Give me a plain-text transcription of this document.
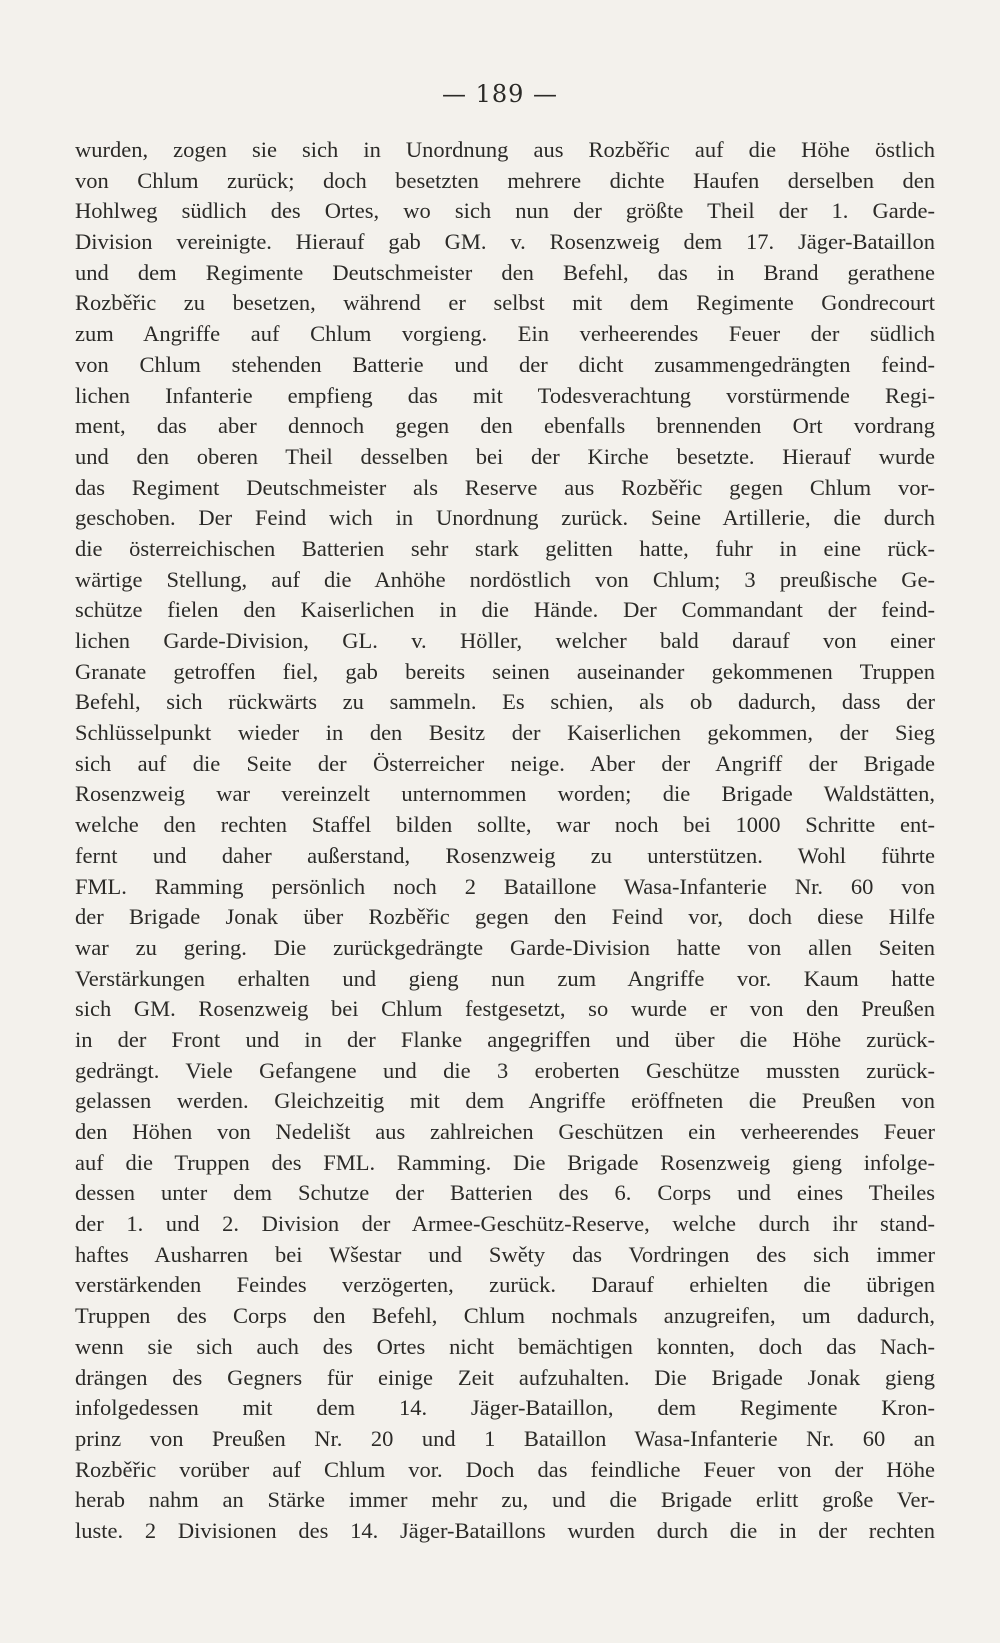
— 189 —
wurden, zogen sie sich in Unordnung aus Rozběřic auf die Höhe östlich
von Chlum zurück; doch besetzten mehrere dichte Haufen derselben den
Hohlweg südlich des Ortes, wo sich nun der größte Theil der 1. Garde-
Division vereinigte. Hierauf gab GM. v. Rosenzweig dem 17. Jäger-Bataillon
und dem Regimente Deutschmeister den Befehl, das in Brand gerathene
Rozběřic zu besetzen, während er selbst mit dem Regimente Gondrecourt
zum Angriffe auf Chlum vorgieng. Ein verheerendes Feuer der südlich
von Chlum stehenden Batterie und der dicht zusammengedrängten feind-
lichen Infanterie empfieng das mit Todesverachtung vorstürmende Regi-
ment, das aber dennoch gegen den ebenfalls brennenden Ort vordrang
und den oberen Theil desselben bei der Kirche besetzte. Hierauf wurde
das Regiment Deutschmeister als Reserve aus Rozběřic gegen Chlum vor-
geschoben. Der Feind wich in Unordnung zurück. Seine Artillerie, die durch
die österreichischen Batterien sehr stark gelitten hatte, fuhr in eine rück-
wärtige Stellung, auf die Anhöhe nordöstlich von Chlum; 3 preußische Ge-
schütze fielen den Kaiserlichen in die Hände. Der Commandant der feind-
lichen Garde-Division, GL. v. Höller, welcher bald darauf von einer
Granate getroffen fiel, gab bereits seinen auseinander gekommenen Truppen
Befehl, sich rückwärts zu sammeln. Es schien, als ob dadurch, dass der
Schlüsselpunkt wieder in den Besitz der Kaiserlichen gekommen, der Sieg
sich auf die Seite der Österreicher neige. Aber der Angriff der Brigade
Rosenzweig war vereinzelt unternommen worden; die Brigade Waldstätten,
welche den rechten Staffel bilden sollte, war noch bei 1000 Schritte ent-
fernt und daher außerstand, Rosenzweig zu unterstützen. Wohl führte
FML. Ramming persönlich noch 2 Bataillone Wasa-Infanterie Nr. 60 von
der Brigade Jonak über Rozběřic gegen den Feind vor, doch diese Hilfe
war zu gering. Die zurückgedrängte Garde-Division hatte von allen Seiten
Verstärkungen erhalten und gieng nun zum Angriffe vor. Kaum hatte
sich GM. Rosenzweig bei Chlum festgesetzt, so wurde er von den Preußen
in der Front und in der Flanke angegriffen und über die Höhe zurück-
gedrängt. Viele Gefangene und die 3 eroberten Geschütze mussten zurück-
gelassen werden. Gleichzeitig mit dem Angriffe eröffneten die Preußen von
den Höhen von Nedelišt aus zahlreichen Geschützen ein verheerendes Feuer
auf die Truppen des FML. Ramming. Die Brigade Rosenzweig gieng infolge-
dessen unter dem Schutze der Batterien des 6. Corps und eines Theiles
der 1. und 2. Division der Armee-Geschütz-Reserve, welche durch ihr stand-
haftes Ausharren bei Wšestar und Swěty das Vordringen des sich immer
verstärkenden Feindes verzögerten, zurück. Darauf erhielten die übrigen
Truppen des Corps den Befehl, Chlum nochmals anzugreifen, um dadurch,
wenn sie sich auch des Ortes nicht bemächtigen konnten, doch das Nach-
drängen des Gegners für einige Zeit aufzuhalten. Die Brigade Jonak gieng
infolgedessen mit dem 14. Jäger-Bataillon, dem Regimente Kron-
prinz von Preußen Nr. 20 und 1 Bataillon Wasa-Infanterie Nr. 60 an
Rozběřic vorüber auf Chlum vor. Doch das feindliche Feuer von der Höhe
herab nahm an Stärke immer mehr zu, und die Brigade erlitt große Ver-
luste. 2 Divisionen des 14. Jäger-Bataillons wurden durch die in der rechten
